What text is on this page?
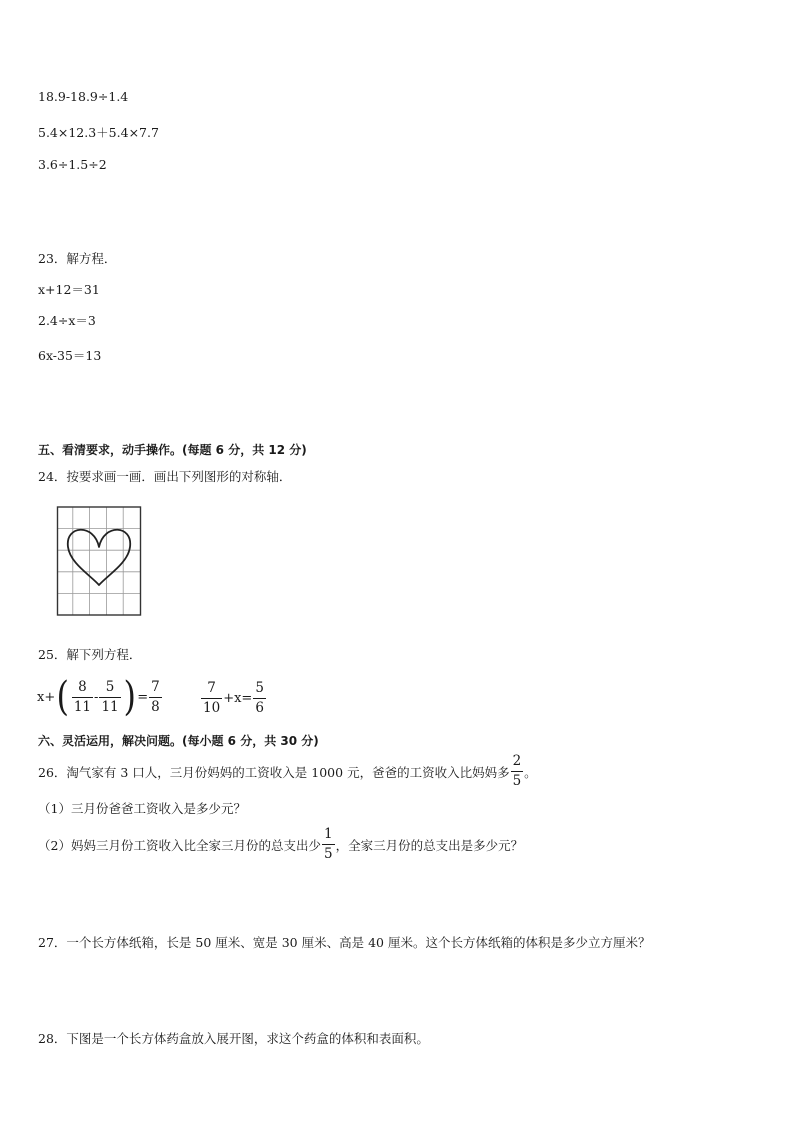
18.9-18.9÷1.4
5.4×12.3＋5.4×7.7
3.6÷1.5÷2
23．解方程．
x+12＝31
2.4÷x＝3
6x-35＝13
五、看清要求，动手操作。(每题 6 分，共 12 分)
24．按要求画一画．画出下列图形的对称轴．
25．解下列方程．
x+ ( $\frac{8}{11} - \frac{5}{11}$ ) = $\frac{7}{8}$	$\frac{7}{10} +x= \frac{5}{6}$
六、灵活运用，解决问题。(每小题 6 分，共 30 分)
26．淘气家有 3 口人，三月份妈妈的工资收入是 1000 元，爸爸的工资收入比妈妈多 $\frac{2}{5}$ 。
（1）三月份爸爸工资收入是多少元？
（2）妈妈三月份工资收入比全家三月份的总支出少 $\frac{1}{5}$ ，全家三月份的总支出是多少元？
27．一个长方体纸箱，长是 50 厘米、宽是 30 厘米、高是 40 厘米。这个长方体纸箱的体积是多少立方厘米？
28．下图是一个长方体药盒放入展开图，求这个药盒的体积和表面积。
